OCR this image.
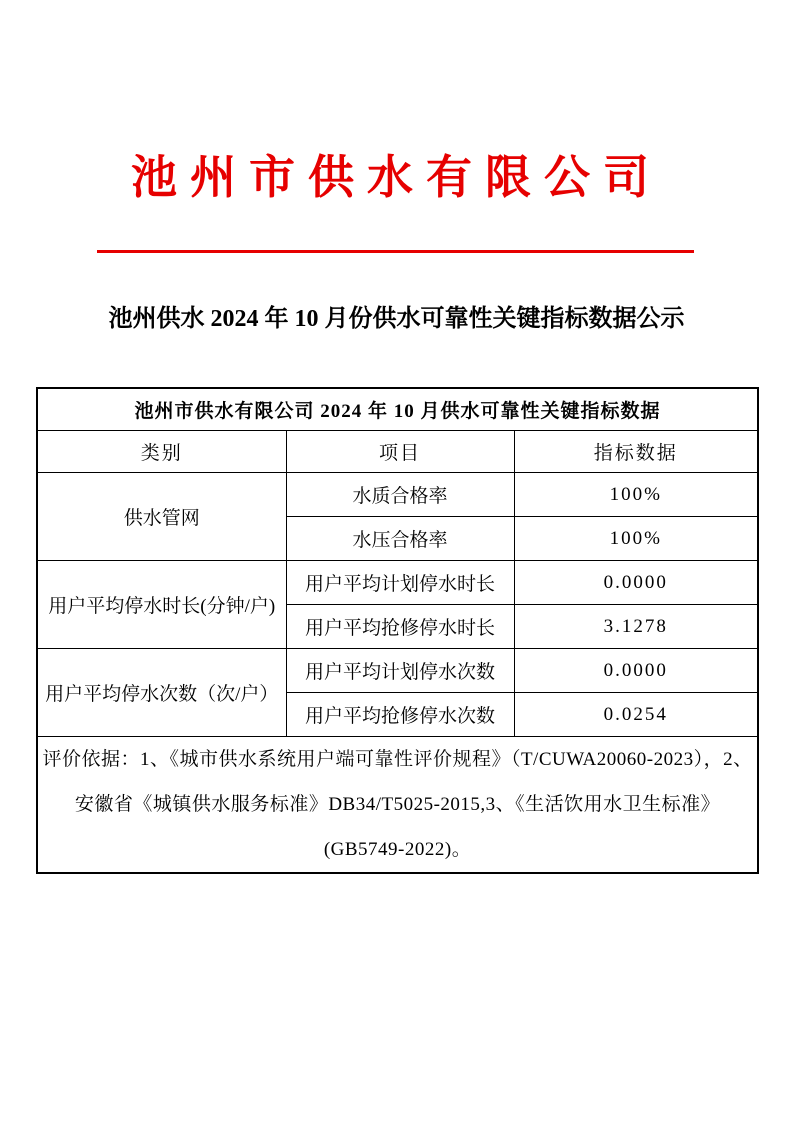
池州市供水有限公司
池州供水 2024 年 10 月份供水可靠性关键指标数据公示
池州市供水有限公司 2024 年 10 月供水可靠性关键指标数据		
类别	项目	指标数据
供水管网	水质合格率	100%
	水压合格率	100%
用户平均停水时长(分钟/户)	用户平均计划停水时长	0.0000
	用户平均抢修停水时长	3.1278
用户平均停水次数（次/户）	用户平均计划停水次数	0.0000
	用户平均抢修停水次数	0.0254
评价依据：1、《城市供水系统用户端可靠性评价规程》（T/CUWA20060-2023），2、安徽省《城镇供水服务标准》DB34/T5025-2015,3、《生活饮用水卫生标准》(GB5749-2022)。		
